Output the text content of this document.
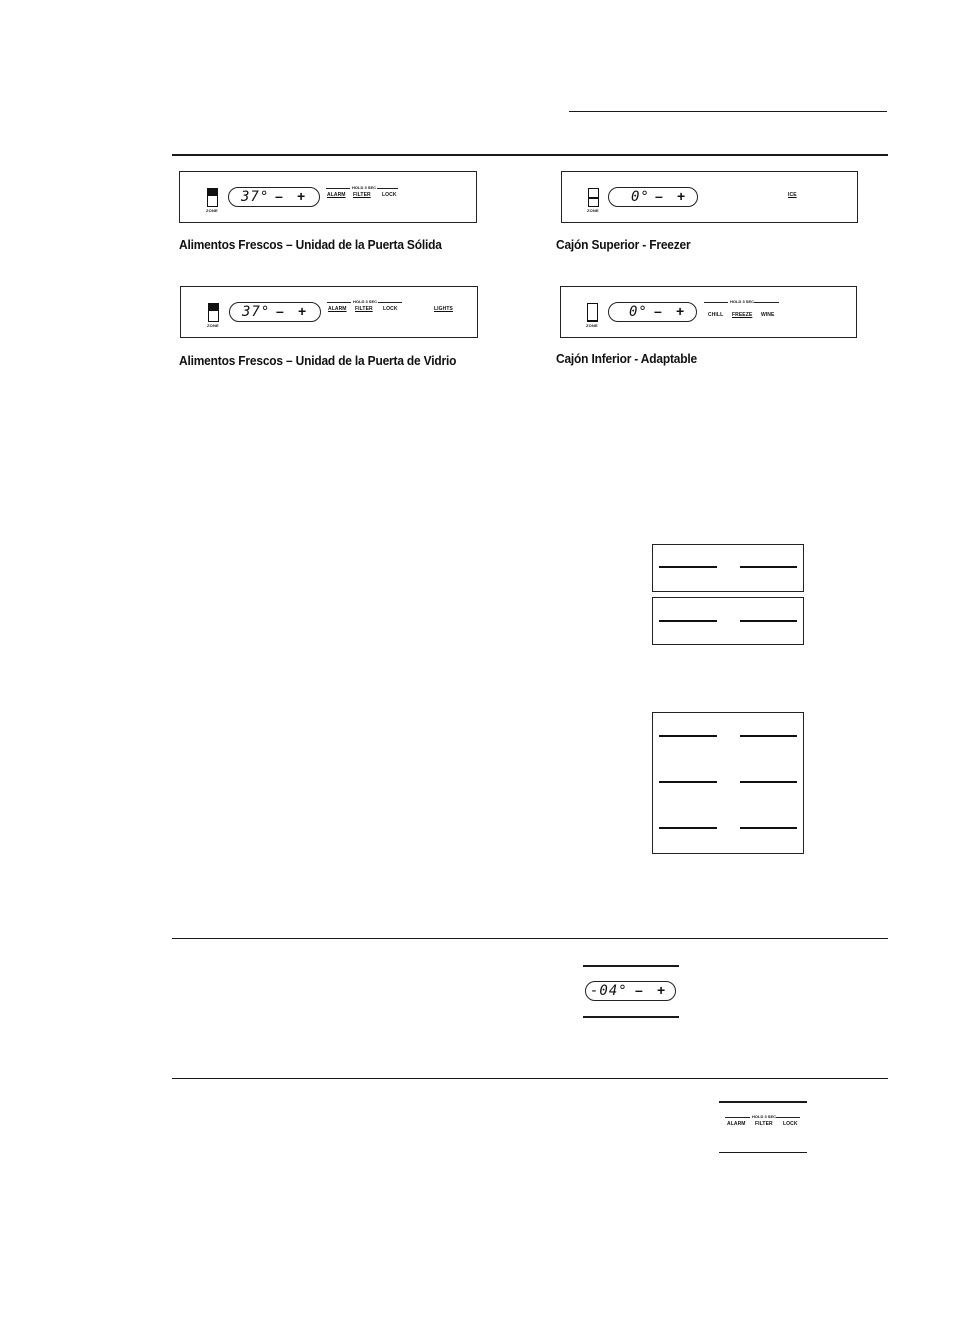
ZONE
37° – +
HOLD 3 SEC
ALARM FILTER LOCK
Alimentos Frescos – Unidad de la Puerta Sólida
ZONE
0° – +	ICE
Cajón Superior - Freezer
ZONE
37° – +
HOLD 3 SEC
ALARM FILTER LOCK	LIGHTS
Alimentos Frescos – Unidad de la Puerta de Vidrio
ZONE
0° – +
HOLD 3 SEC
CHILL FREEZE WINE
Cajón Inferior - Adaptable
-04° – +
HOLD 3 SEC
ALARM FILTER LOCK
